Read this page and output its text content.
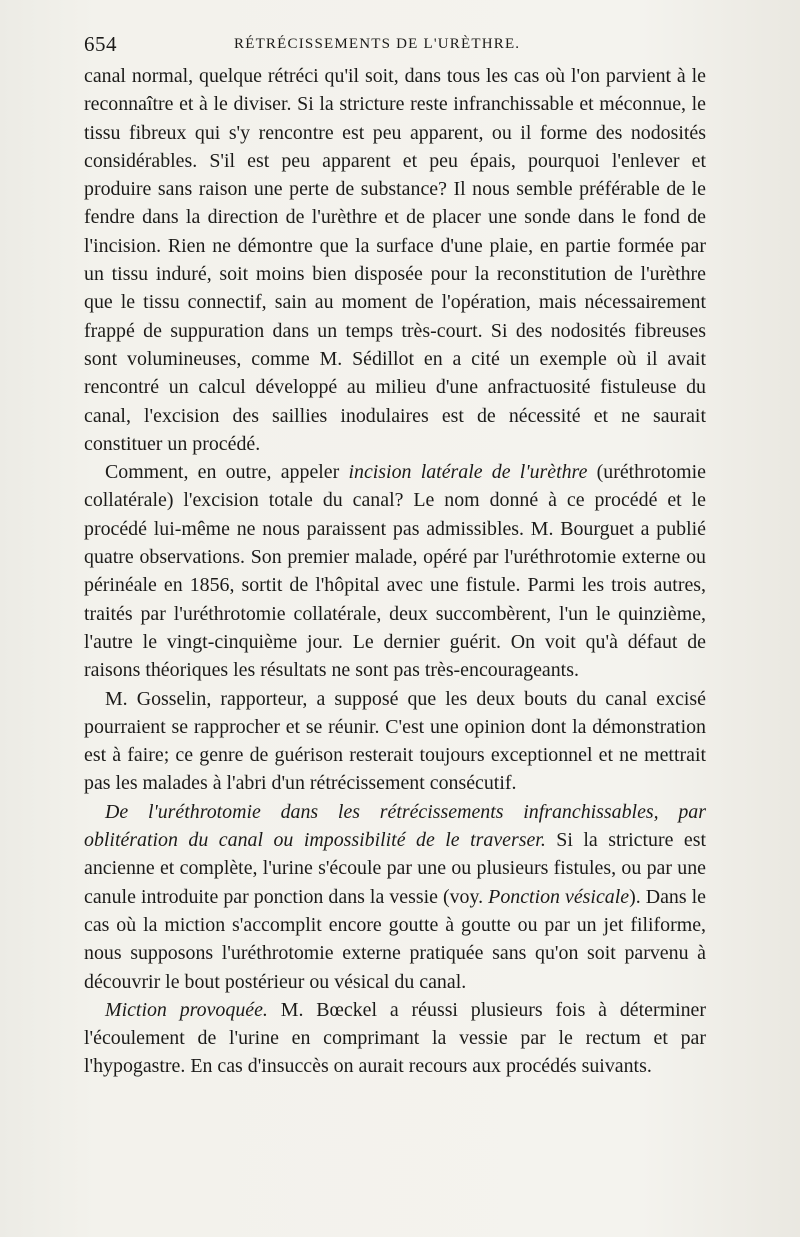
654	RÉTRÉCISSEMENTS DE L'URÈTHRE.

canal normal, quelque rétréci qu'il soit, dans tous les cas où l'on parvient à le reconnaître et à le diviser. Si la stricture reste infranchissable et méconnue, le tissu fibreux qui s'y rencontre est peu apparent, ou il forme des nodosités considérables. S'il est peu apparent et peu épais, pourquoi l'enlever et produire sans raison une perte de substance? Il nous semble préférable de le fendre dans la direction de l'urèthre et de placer une sonde dans le fond de l'incision. Rien ne démontre que la surface d'une plaie, en partie formée par un tissu induré, soit moins bien disposée pour la reconstitution de l'urèthre que le tissu connectif, sain au moment de l'opération, mais nécessairement frappé de suppuration dans un temps très-court. Si des nodosités fibreuses sont volumineuses, comme M. Sédillot en a cité un exemple où il avait rencontré un calcul développé au milieu d'une anfractuosité fistuleuse du canal, l'excision des saillies inodulaires est de nécessité et ne saurait constituer un procédé.

Comment, en outre, appeler incision latérale de l'urèthre (uréthrotomie collatérale) l'excision totale du canal? Le nom donné à ce procédé et le procédé lui-même ne nous paraissent pas admissibles. M. Bourguet a publié quatre observations. Son premier malade, opéré par l'uréthrotomie externe ou périnéale en 1856, sortit de l'hôpital avec une fistule. Parmi les trois autres, traités par l'uréthrotomie collatérale, deux succombèrent, l'un le quinzième, l'autre le vingt-cinquième jour. Le dernier guérit. On voit qu'à défaut de raisons théoriques les résultats ne sont pas très-encourageants.

M. Gosselin, rapporteur, a supposé que les deux bouts du canal excisé pourraient se rapprocher et se réunir. C'est une opinion dont la démonstration est à faire; ce genre de guérison resterait toujours exceptionnel et ne mettrait pas les malades à l'abri d'un rétrécissement consécutif.

De l'uréthrotomie dans les rétrécissements infranchissables, par oblitération du canal ou impossibilité de le traverser. Si la stricture est ancienne et complète, l'urine s'écoule par une ou plusieurs fistules, ou par une canule introduite par ponction dans la vessie (voy. Ponction vésicale). Dans le cas où la miction s'accomplit encore goutte à goutte ou par un jet filiforme, nous supposons l'uréthrotomie externe pratiquée sans qu'on soit parvenu à découvrir le bout postérieur ou vésical du canal.

Miction provoquée. M. Bœckel a réussi plusieurs fois à déterminer l'écoulement de l'urine en comprimant la vessie par le rectum et par l'hypogastre. En cas d'insuccès on aurait recours aux procédés suivants.
